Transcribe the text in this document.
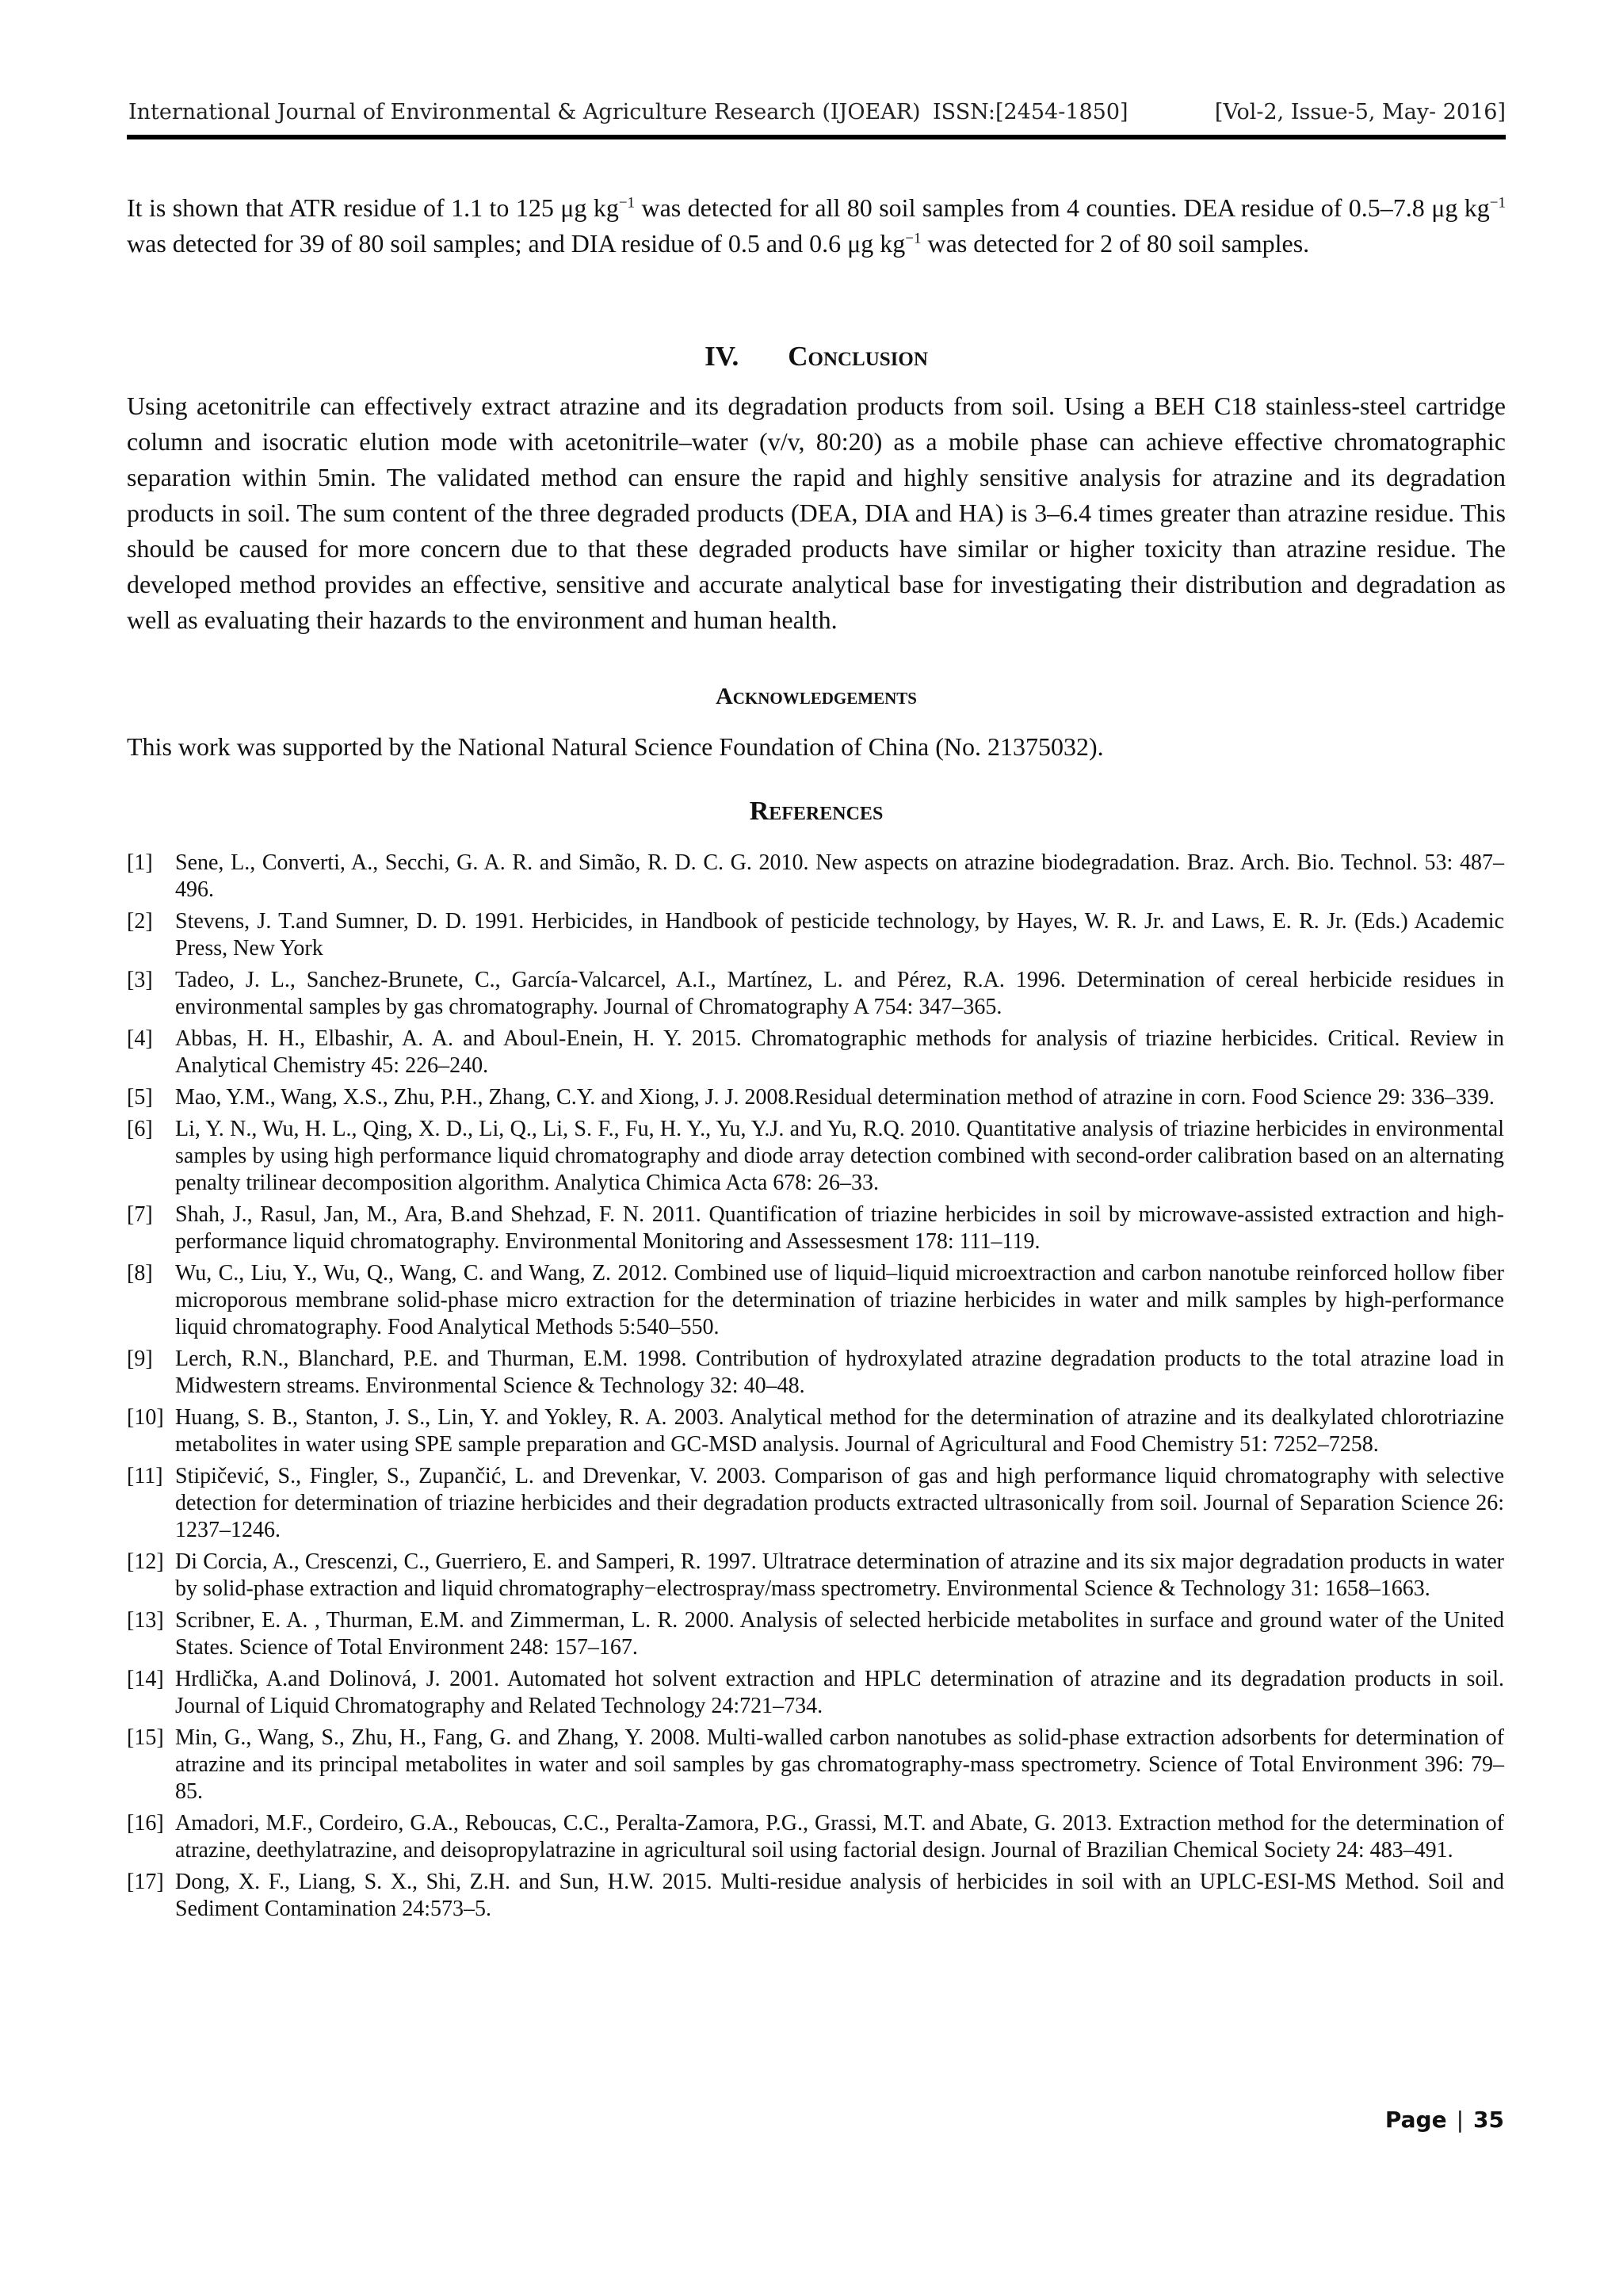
International Journal of Environmental & Agriculture Research (IJOEAR) ISSN:[2454-1850]	[Vol-2, Issue-5, May- 2016]

It is shown that ATR residue of 1.1 to 125 μg $kg^{-1}$ was detected for all 80 soil samples from 4 counties. DEA residue of 0.5–7.8 μg $kg^{-1}$ was detected for 39 of 80 soil samples; and DIA residue of 0.5 and 0.6 μg $kg^{-1}$ was detected for 2 of 80 soil samples.

IV. Conclusion

Using acetonitrile can effectively extract atrazine and its degradation products from soil. Using a BEH C18 stainless-steel cartridge column and isocratic elution mode with acetonitrile–water (v/v, 80:20) as a mobile phase can achieve effective chromatographic separation within 5min. The validated method can ensure the rapid and highly sensitive analysis for atrazine and its degradation products in soil. The sum content of the three degraded products (DEA, DIA and HA) is 3–6.4 times greater than atrazine residue. This should be caused for more concern due to that these degraded products have similar or higher toxicity than atrazine residue. The developed method provides an effective, sensitive and accurate analytical base for investigating their distribution and degradation as well as evaluating their hazards to the environment and human health.

Acknowledgements

This work was supported by the National Natural Science Foundation of China (No. 21375032).

References
[1] Sene, L., Converti, A., Secchi, G. A. R. and Simão, R. D. C. G. 2010. New aspects on atrazine biodegradation. Braz. Arch. Bio. Technol. 53: 487–496.
[2] Stevens, J. T.and Sumner, D. D. 1991. Herbicides, in Handbook of pesticide technology, by Hayes, W. R. Jr. and Laws, E. R. Jr. (Eds.) Academic Press, New York
[3] Tadeo, J. L., Sanchez-Brunete, C., García-Valcarcel, A.I., Martínez, L. and Pérez, R.A. 1996. Determination of cereal herbicide residues in environmental samples by gas chromatography. Journal of Chromatography A 754: 347–365.
[4] Abbas, H. H., Elbashir, A. A. and Aboul-Enein, H. Y. 2015. Chromatographic methods for analysis of triazine herbicides. Critical. Review in Analytical Chemistry 45: 226–240.
[5] Mao, Y.M., Wang, X.S., Zhu, P.H., Zhang, C.Y. and Xiong, J. J. 2008.Residual determination method of atrazine in corn. Food Science 29: 336–339.
[6] Li, Y. N., Wu, H. L., Qing, X. D., Li, Q., Li, S. F., Fu, H. Y., Yu, Y.J. and Yu, R.Q. 2010. Quantitative analysis of triazine herbicides in environmental samples by using high performance liquid chromatography and diode array detection combined with second-order calibration based on an alternating penalty trilinear decomposition algorithm. Analytica Chimica Acta 678: 26–33.
[7] Shah, J., Rasul, Jan, M., Ara, B.and Shehzad, F. N. 2011. Quantification of triazine herbicides in soil by microwave-assisted extraction and high-performance liquid chromatography. Environmental Monitoring and Assessesment 178: 111–119.
[8] Wu, C., Liu, Y., Wu, Q., Wang, C. and Wang, Z. 2012. Combined use of liquid–liquid microextraction and carbon nanotube reinforced hollow fiber microporous membrane solid-phase micro extraction for the determination of triazine herbicides in water and milk samples by high-performance liquid chromatography. Food Analytical Methods 5:540–550.
[9] Lerch, R.N., Blanchard, P.E. and Thurman, E.M. 1998. Contribution of hydroxylated atrazine degradation products to the total atrazine load in Midwestern streams. Environmental Science & Technology 32: 40–48.
[10] Huang, S. B., Stanton, J. S., Lin, Y. and Yokley, R. A. 2003. Analytical method for the determination of atrazine and its dealkylated chlorotriazine metabolites in water using SPE sample preparation and GC-MSD analysis. Journal of Agricultural and Food Chemistry 51: 7252–7258.
[11] Stipičević, S., Fingler, S., Zupančić, L. and Drevenkar, V. 2003. Comparison of gas and high performance liquid chromatography with selective detection for determination of triazine herbicides and their degradation products extracted ultrasonically from soil. Journal of Separation Science 26: 1237–1246.
[12] Di Corcia, A., Crescenzi, C., Guerriero, E. and Samperi, R. 1997. Ultratrace determination of atrazine and its six major degradation products in water by solid-phase extraction and liquid chromatography−electrospray/mass spectrometry. Environmental Science & Technology 31: 1658–1663.
[13] Scribner, E. A. , Thurman, E.M. and Zimmerman, L. R. 2000. Analysis of selected herbicide metabolites in surface and ground water of the United States. Science of Total Environment 248: 157–167.
[14] Hrdlička, A.and Dolinová, J. 2001. Automated hot solvent extraction and HPLC determination of atrazine and its degradation products in soil. Journal of Liquid Chromatography and Related Technology 24:721–734.
[15] Min, G., Wang, S., Zhu, H., Fang, G. and Zhang, Y. 2008. Multi-walled carbon nanotubes as solid-phase extraction adsorbents for determination of atrazine and its principal metabolites in water and soil samples by gas chromatography-mass spectrometry. Science of Total Environment 396: 79–85.
[16] Amadori, M.F., Cordeiro, G.A., Reboucas, C.C., Peralta-Zamora, P.G., Grassi, M.T. and Abate, G. 2013. Extraction method for the determination of atrazine, deethylatrazine, and deisopropylatrazine in agricultural soil using factorial design. Journal of Brazilian Chemical Society 24: 483–491.
[17] Dong, X. F., Liang, S. X., Shi, Z.H. and Sun, H.W. 2015. Multi-residue analysis of herbicides in soil with an UPLC-ESI-MS Method. Soil and Sediment Contamination 24:573–5.
Page | 35
